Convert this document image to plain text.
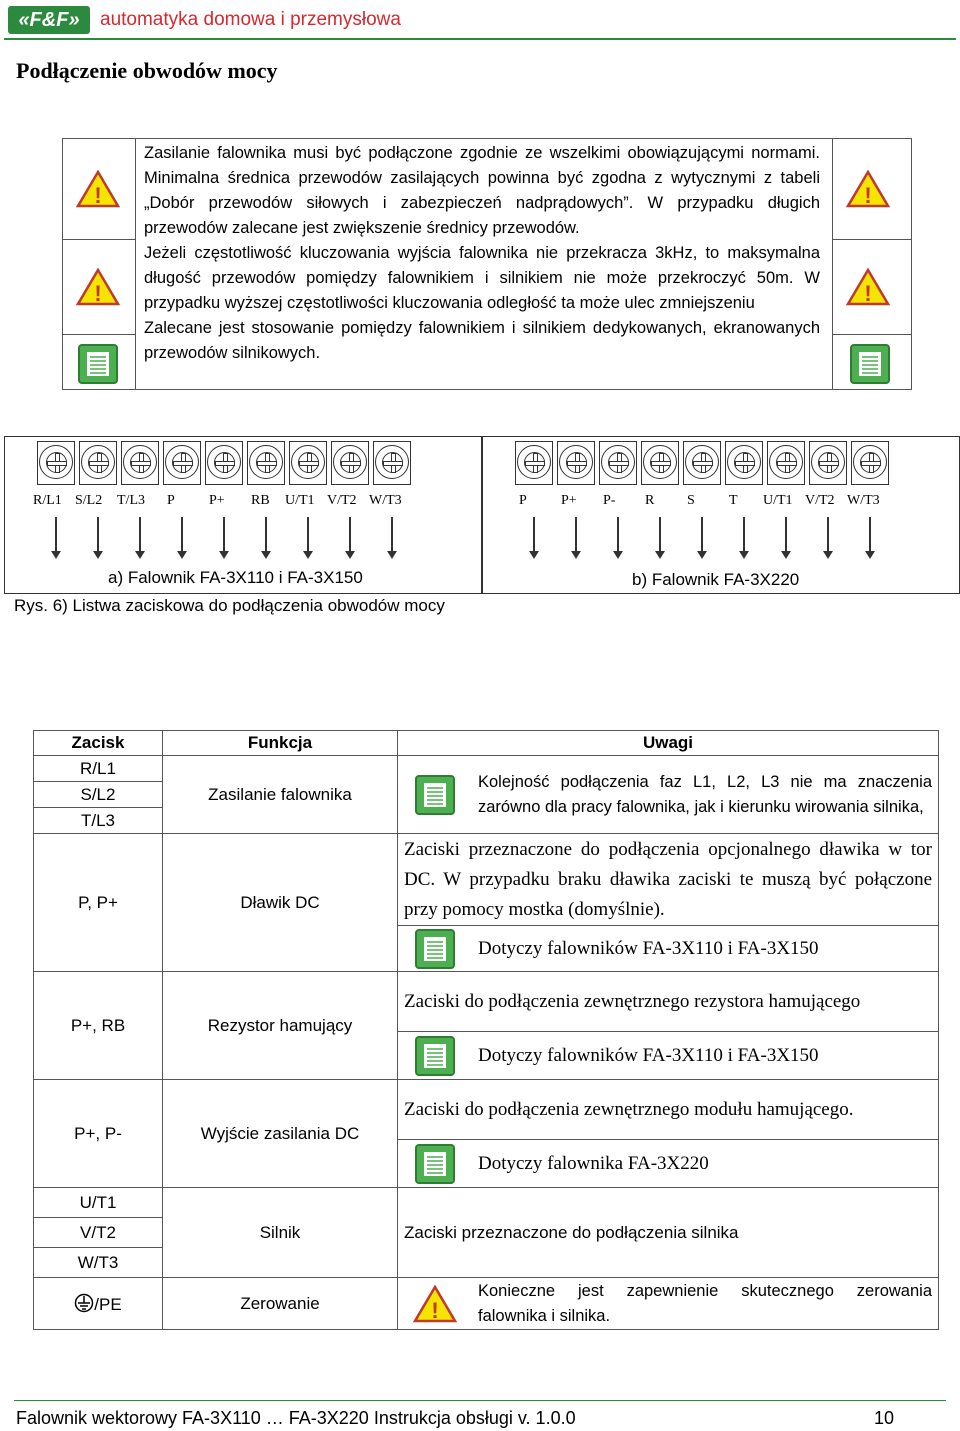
«F&F»	automatyka domowa i przemysłowa
Podłączenie obwodów mocy
!
!
!
!

Zasilanie falownika musi być podłączone zgodnie ze wszelkimi obowiązującymi normami. Minimalna średnica przewodów zasilających powinna być zgodna z wytycznymi z tabeli „Dobór przewodów siłowych i zabezpieczeń nadprądowych”. W przypadku długich przewodów zalecane jest zwiększenie średnicy przewodów.

Jeżeli częstotliwość kluczowania wyjścia falownika nie przekracza 3kHz, to maksymalna długość przewodów pomiędzy falownikiem i silnikiem nie może przekroczyć 50m. W przypadku wyższej częstotliwości kluczowania odległość ta może ulec zmniejszeniu

Zalecane jest stosowanie pomiędzy falownikiem i silnikiem dedykowanych, ekranowanych przewodów silnikowych.

R/L1 S/L2 T/L3 P P+ RB U/T1 V/T2 W/T3	P P+ P- R S T U/T1 V/T2 W/T3
a) Falownik FA-3X110 i FA-3X150	b) Falownik FA-3X220
Rys. 6) Listwa zaciskowa do podłączenia obwodów mocy
Zacisk	Funkcja	Uwagi	
R/L1	Zasilanie falownika		Kolejność podłączenia faz L1, L2, L3 nie ma znaczenia zarówno dla pracy falownika, jak i kierunku wirowania silnika,
S/L2			
T/L3			
P, P+	Dławik DC	Zaciski przeznaczone do podłączenia opcjonalnego dławika w tor DC. W przypadku braku dławika zaciski te muszą być połączone przy pomocy mostka (domyślnie).	
	Dotyczy falowników FA-3X110 i FA-3X150
P+, RB	Rezystor hamujący	Zaciski do podłączenia zewnętrznego rezystora hamującego	
	Dotyczy falowników FA-3X110 i FA-3X150
P+, P-	Wyjście zasilania DC	Zaciski do podłączenia zewnętrznego modułu hamującego.	
	Dotyczy falownika FA-3X220
U/T1	Silnik	Zaciski przeznaczone do podłączenia silnika	
V/T2			
W/T3			
/PE	Zerowanie	!	Konieczne jest zapewnienie skutecznego zerowania falownika i silnika.
Falownik wektorowy FA-3X110 … FA-3X220 Instrukcja obsługi v. 1.0.0	10
